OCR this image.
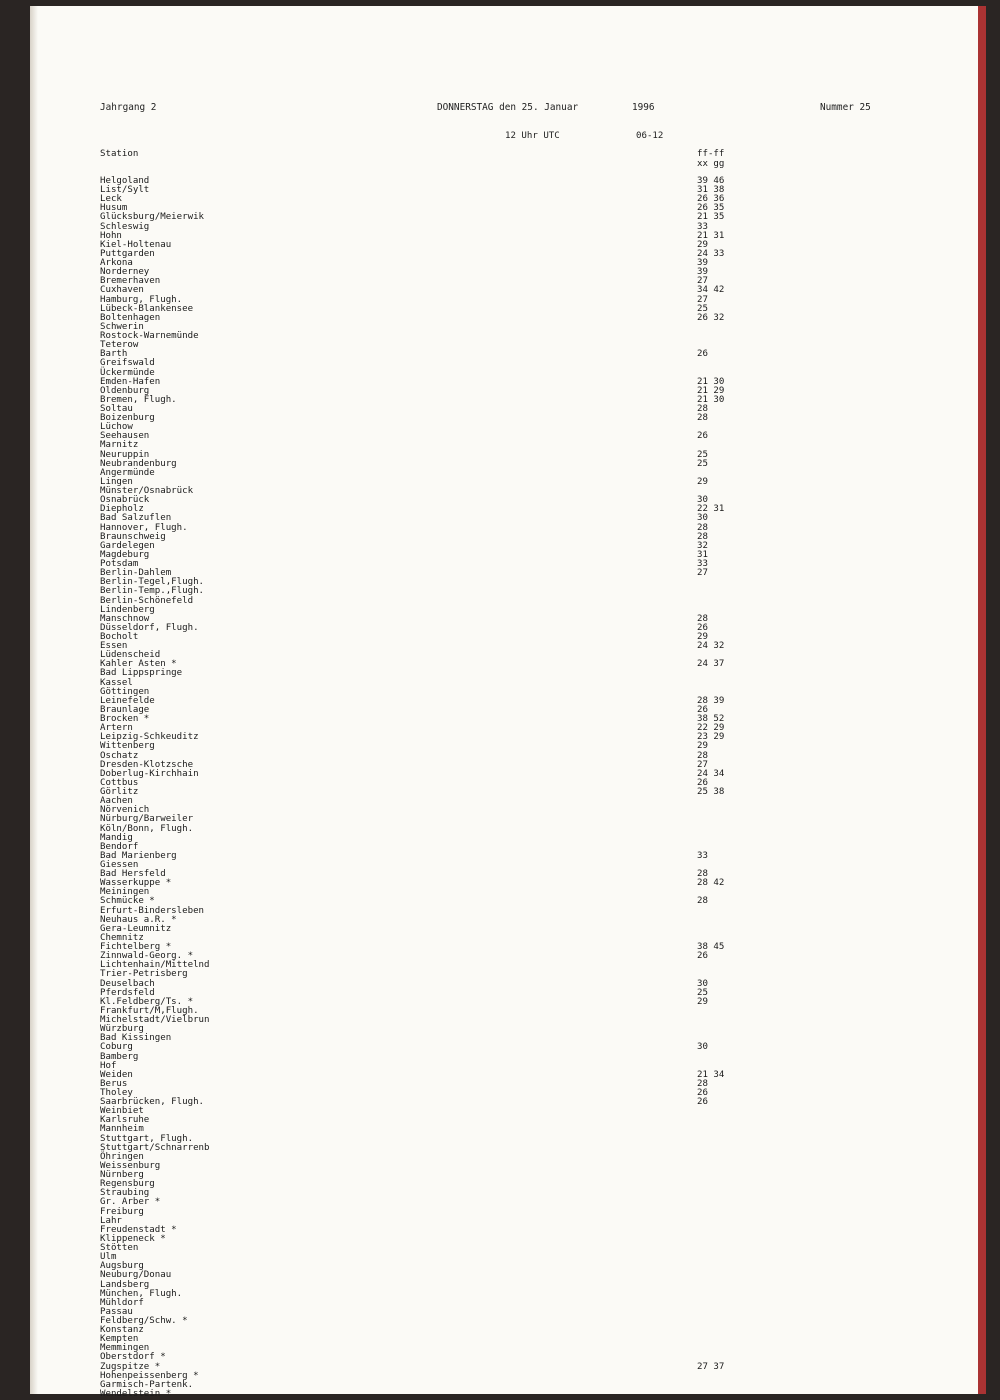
Jahrgang 2	DONNERSTAG den 25. Januar	1996	Nummer 25
12 Uhr UTC	06-12
Station	ff-ff
xx gg
Helgoland	39 46
List/Sylt	31 38
Leck	26 36
Husum	26 35
Glücksburg/Meierwik	21 35
Schleswig	33
Hohn	21 31
Kiel-Holtenau	29
Puttgarden	24 33
Arkona	39
Norderney	39
Bremerhaven	27
Cuxhaven	34 42
Hamburg, Flugh.	27
Lübeck-Blankensee	25
Boltenhagen	26 32
Schwerin
Rostock-Warnemünde
Teterow
Barth	26
Greifswald
Ückermünde
Emden-Hafen	21 30
Oldenburg	21 29
Bremen, Flugh.	21 30
Soltau	28
Boizenburg	28
Lüchow
Seehausen	26
Marnitz
Neuruppin	25
Neubrandenburg	25
Angermünde
Lingen	29
Münster/Osnabrück
Osnabrück	30
Diepholz	22 31
Bad Salzuflen	30
Hannover, Flugh.	28
Braunschweig	28
Gardelegen	32
Magdeburg	31
Potsdam	33
Berlin-Dahlem	27
Berlin-Tegel,Flugh.
Berlin-Temp.,Flugh.
Berlin-Schönefeld
Lindenberg
Manschnow	28
Düsseldorf, Flugh.	26
Bocholt	29
Essen	24 32
Lüdenscheid
Kahler Asten *	24 37
Bad Lippspringe
Kassel
Göttingen
Leinefelde	28 39
Braunlage	26
Brocken *	38 52
Artern	22 29
Leipzig-Schkeuditz	23 29
Wittenberg	29
Oschatz	28
Dresden-Klotzsche	27
Doberlug-Kirchhain	24 34
Cottbus	26
Görlitz	25 38
Aachen
Nörvenich
Nürburg/Barweiler
Köln/Bonn, Flugh.
Mandig
Bendorf
Bad Marienberg	33
Giessen
Bad Hersfeld	28
Wasserkuppe *	28 42
Meiningen
Schmücke *	28
Erfurt-Bindersleben
Neuhaus a.R. *
Gera-Leumnitz
Chemnitz
Fichtelberg *	38 45
Zinnwald-Georg. *	26
Lichtenhain/Mittelnd
Trier-Petrisberg
Deuselbach	30
Pferdsfeld	25
Kl.Feldberg/Ts. *	29
Frankfurt/M,Flugh.
Michelstadt/Vielbrun
Würzburg
Bad Kissingen
Coburg	30
Bamberg
Hof
Weiden	21 34
Berus	28
Tholey	26
Saarbrücken, Flugh.	26
Weinbiet
Karlsruhe
Mannheim
Stuttgart, Flugh.
Stuttgart/Schnarrenb
Öhringen
Weissenburg
Nürnberg
Regensburg
Straubing
Gr. Arber *
Freiburg
Lahr
Freudenstadt *
Klippeneck *
Stötten
Ulm
Augsburg
Neuburg/Donau
Landsberg
München, Flugh.
Mühldorf
Passau
Feldberg/Schw. *
Konstanz
Kempten
Memmingen
Oberstdorf *
Zugspitze *	27 37
Hohenpeissenberg *
Garmisch-Partenk.
Wendelstein *
